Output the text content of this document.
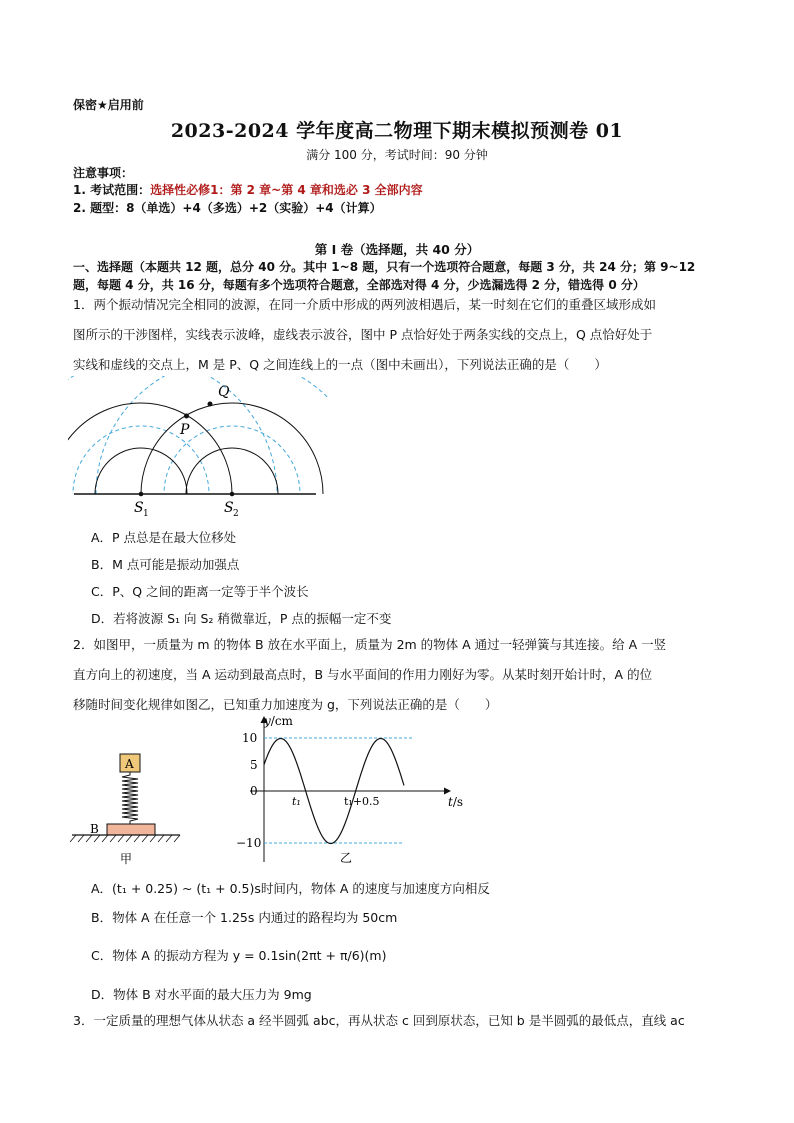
保密★启用前
2023-2024 学年度高二物理下期末模拟预测卷 01
满分 100 分，考试时间：90 分钟
注意事项：
1. 考试范围：选择性必修1：第 2 章~第 4 章和选必 3 全部内容
2. 题型：8（单选）+4（多选）+2（实验）+4（计算）
第 I 卷（选择题，共 40 分）
一、选择题（本题共 12 题，总分 40 分。其中 1~8 题，只有一个选项符合题意，每题 3 分，共 24 分；第 9~12
题，每题 4 分，共 16 分，每题有多个选项符合题意，全部选对得 4 分，少选漏选得 2 分，错选得 0 分）
1．两个振动情况完全相同的波源，在同一介质中形成的两列波相遇后，某一时刻在它们的重叠区域形成如
图所示的干涉图样，实线表示波峰，虚线表示波谷，图中 P 点恰好处于两条实线的交点上，Q 点恰好处于
实线和虚线的交点上，M 是 P、Q 之间连线上的一点（图中未画出），下列说法正确的是（　　）
P
Q
S 1	S 2
A．P 点总是在最大位移处
B．M 点可能是振动加强点
C．P、Q 之间的距离一定等于半个波长
D．若将波源 S₁ 向 S₂ 稍微靠近，P 点的振幅一定不变
2．如图甲，一质量为 m 的物体 B 放在水平面上，质量为 2m 的物体 A 通过一轻弹簧与其连接。给 A 一竖
直方向上的初速度，当 A 运动到最高点时，B 与水平面间的作用力刚好为零。从某时刻开始计时，A 的位
移随时间变化规律如图乙，已知重力加速度为 g，下列说法正确的是（　　）
A
B
甲
y/cm
t/s
10
5
0
−10
t₁	t₁+0.5
乙
A．(t₁ + 0.25) ~ (t₁ + 0.5)s时间内，物体 A 的速度与加速度方向相反
B．物体 A 在任意一个 1.25s 内通过的路程均为 50cm
C．物体 A 的振动方程为 y = 0.1sin(2πt + π/6)(m)
D．物体 B 对水平面的最大压力为 9mg
3．一定质量的理想气体从状态 a 经半圆弧 abc，再从状态 c 回到原状态，已知 b 是半圆弧的最低点，直线 ac
